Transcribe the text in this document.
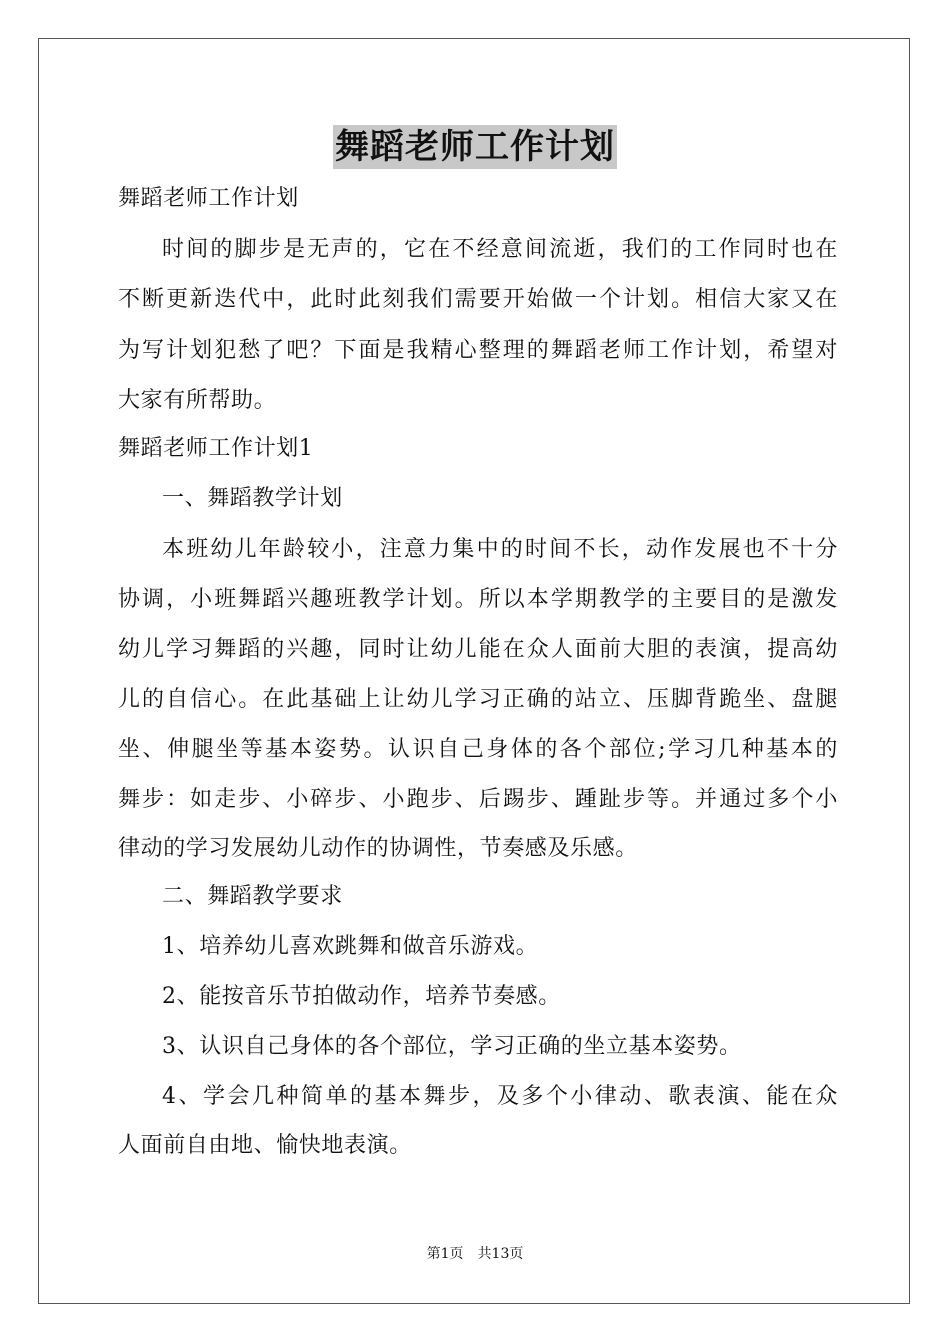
舞蹈老师工作计划
舞蹈老师工作计划
时间的脚步是无声的，它在不经意间流逝，我们的工作同时也在
不断更新迭代中，此时此刻我们需要开始做一个计划。相信大家又在
为写计划犯愁了吧？下面是我精心整理的舞蹈老师工作计划，希望对
大家有所帮助。
舞蹈老师工作计划1
一、舞蹈教学计划
本班幼儿年龄较小，注意力集中的时间不长，动作发展也不十分
协调，小班舞蹈兴趣班教学计划。所以本学期教学的主要目的是激发
幼儿学习舞蹈的兴趣，同时让幼儿能在众人面前大胆的表演，提高幼
儿的自信心。在此基础上让幼儿学习正确的站立、压脚背跪坐、盘腿
坐、伸腿坐等基本姿势。认识自己身体的各个部位;学习几种基本的
舞步：如走步、小碎步、小跑步、后踢步、踵趾步等。并通过多个小
律动的学习发展幼儿动作的协调性，节奏感及乐感。
二、舞蹈教学要求
1、培养幼儿喜欢跳舞和做音乐游戏。
2、能按音乐节拍做动作，培养节奏感。
3、认识自己身体的各个部位，学习正确的坐立基本姿势。
4、学会几种简单的基本舞步，及多个小律动、歌表演、能在众
人面前自由地、愉快地表演。
第1页　共13页
